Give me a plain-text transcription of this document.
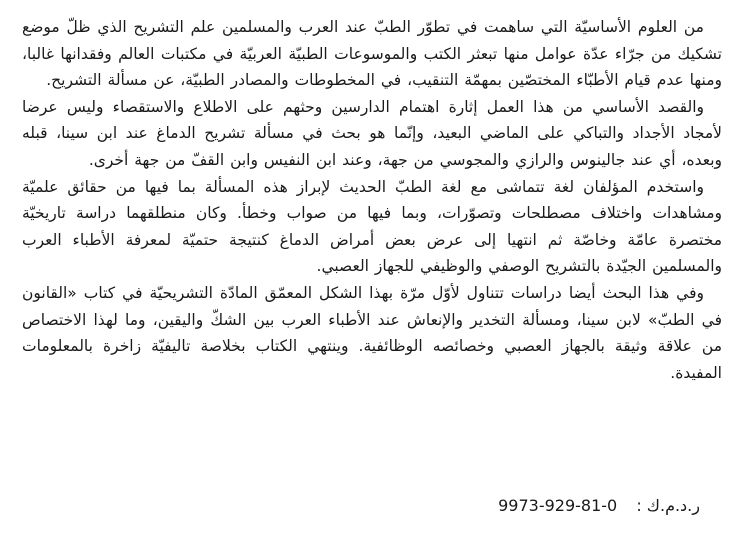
من العلوم الأساسيّة التي ساهمت في تطوّر الطبّ عند العرب والمسلمين علم التشريح الذي ظلّ موضع تشكيك من جرّاء عدّة عوامل منها تبعثر الكتب والموسوعات الطبيّة العربيّة في مكتبات العالم وفقدانها غالبا، ومنها عدم قيام الأطبّاء المختصّين بمهمّة التنقيب، في المخطوطات والمصادر الطبيّة، عن مسألة التشريح.

والقصد الأساسي من هذا العمل إثارة اهتمام الدارسين وحثهم على الاطلاع والاستقصاء وليس عرضا لأمجاد الأجداد والتباكي على الماضي البعيد، وإنّما هو بحث في مسألة تشريح الدماغ عند ابن سينا، قبله وبعده، أي عند جالينوس والرازي والمجوسي من جهة، وعند ابن النفيس وابن القفّ من جهة أخرى.

واستخدم المؤلفان لغة تتماشى مع لغة الطبّ الحديث لإبراز هذه المسألة بما فيها من حقائق علميّة ومشاهدات واختلاف مصطلحات وتصوّرات، وبما فيها من صواب وخطأ. وكان منطلقهما دراسة تاريخيّة مختصرة عامّة وخاصّة ثم انتهيا إلى عرض بعض أمراض الدماغ كنتيجة حتميّة لمعرفة الأطباء العرب والمسلمين الجيّدة بالتشريح الوصفي والوظيفي للجهاز العصبي.

وفي هذا البحث أيضا دراسات تتناول لأوّل مرّة بهذا الشكل المعمّق المادّة التشريحيّة في كتاب «القانون في الطبّ» لابن سينا، ومسألة التخدير والإنعاش عند الأطباء العرب بين الشكّ واليقين، وما لهذا الاختصاص من علاقة وثيقة بالجهاز العصبي وخصائصه الوظائفية. وينتهي الكتاب بخلاصة تاليفيّة زاخرة بالمعلومات المفيدة.

ر.د.م.ك : 9973-929-81-0
